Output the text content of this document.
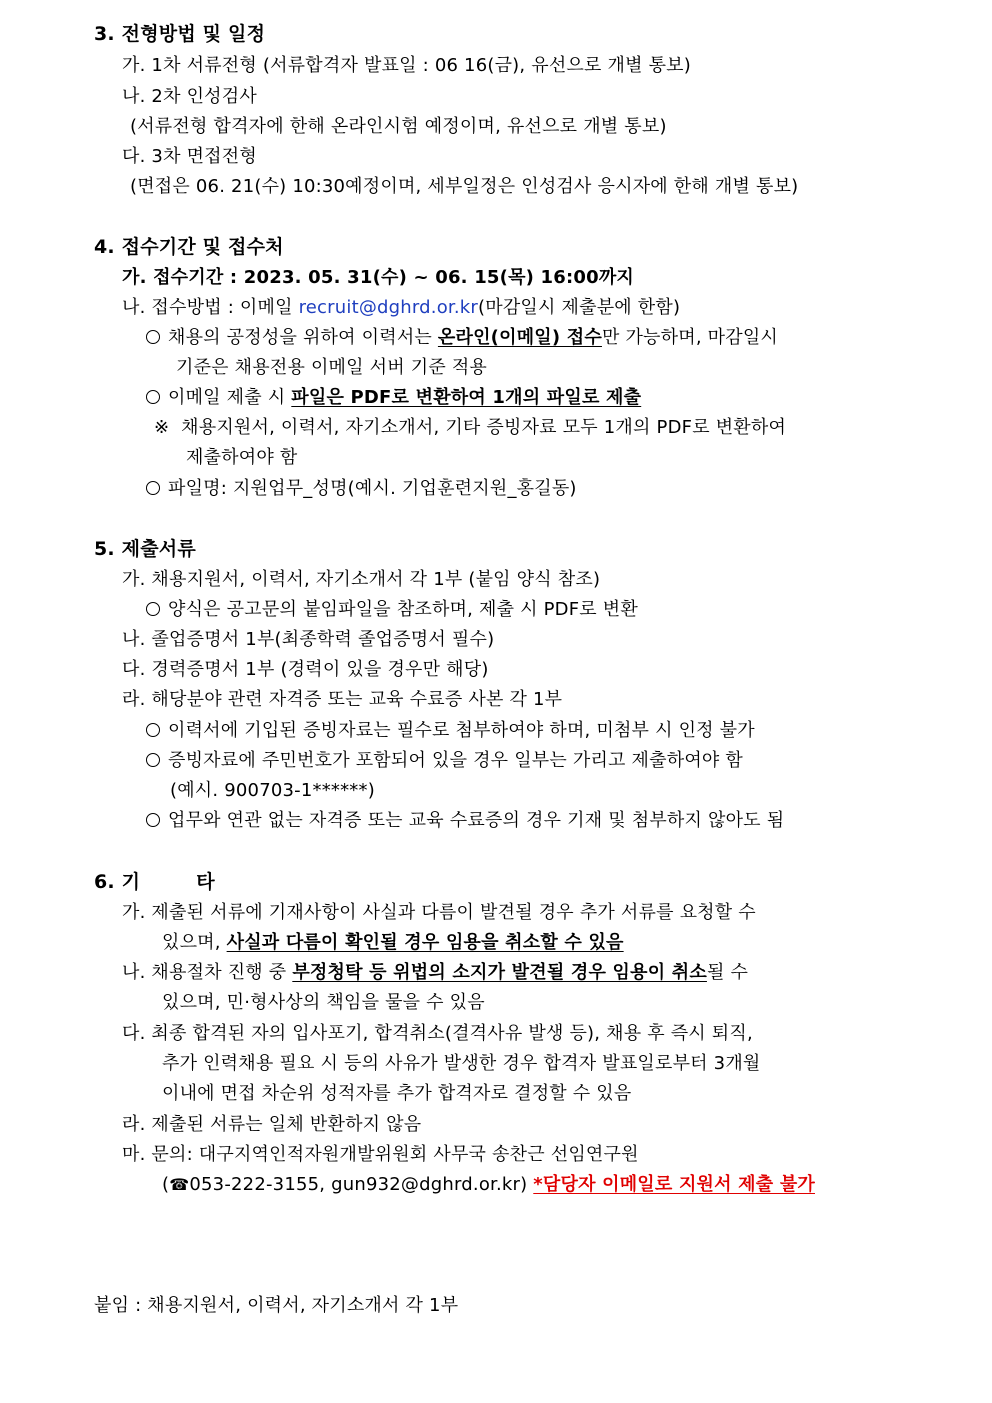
3. 전형방법 및 일정
가. 1차 서류전형 (서류합격자 발표일 : 06 16(금), 유선으로 개별 통보)
나. 2차 인성검사
(서류전형 합격자에 한해 온라인시험 예정이며, 유선으로 개별 통보)
다. 3차 면접전형
(면접은 06. 21(수) 10:30예정이며, 세부일정은 인성검사 응시자에 한해 개별 통보)
4. 접수기간 및 접수처
가. 접수기간 : 2023. 05. 31(수) ~ 06. 15(목) 16:00까지
나. 접수방법 : 이메일 recruit@dghrd.or.kr(마감일시 제출분에 한함)
채용의 공정성을 위하여 이력서는 온라인(이메일) 접수만 가능하며, 마감일시
기준은 채용전용 이메일 서버 기준 적용
이메일 제출 시 파일은 PDF로 변환하여 1개의 파일로 제출
※ 채용지원서, 이력서, 자기소개서, 기타 증빙자료 모두 1개의 PDF로 변환하여
제출하여야 함
파일명: 지원업무_성명(예시. 기업훈련지원_홍길동)
5. 제출서류
가. 채용지원서, 이력서, 자기소개서 각 1부 (붙임 양식 참조)
양식은 공고문의 붙임파일을 참조하며, 제출 시 PDF로 변환
나. 졸업증명서 1부(최종학력 졸업증명서 필수)
다. 경력증명서 1부 (경력이 있을 경우만 해당)
라. 해당분야 관련 자격증 또는 교육 수료증 사본 각 1부
이력서에 기입된 증빙자료는 필수로 첨부하여야 하며, 미첨부 시 인정 불가
증빙자료에 주민번호가 포함되어 있을 경우 일부는 가리고 제출하여야 함
(예시. 900703-1******)
업무와 연관 없는 자격증 또는 교육 수료증의 경우 기재 및 첨부하지 않아도 됨
6. 기	타
가. 제출된 서류에 기재사항이 사실과 다름이 발견될 경우 추가 서류를 요청할 수
있으며, 사실과 다름이 확인될 경우 임용을 취소할 수 있음
나. 채용절차 진행 중 부정청탁 등 위법의 소지가 발견될 경우 임용이 취소될 수
있으며, 민·형사상의 책임을 물을 수 있음
다. 최종 합격된 자의 입사포기, 합격취소(결격사유 발생 등), 채용 후 즉시 퇴직,
추가 인력채용 필요 시 등의 사유가 발생한 경우 합격자 발표일로부터 3개월
이내에 면접 차순위 성적자를 추가 합격자로 결정할 수 있음
라. 제출된 서류는 일체 반환하지 않음
마. 문의: 대구지역인적자원개발위원회 사무국 송찬근 선임연구원
(☎053-222-3155, gun932@dghrd.or.kr) *담당자 이메일로 지원서 제출 불가
붙임 : 채용지원서, 이력서, 자기소개서 각 1부
